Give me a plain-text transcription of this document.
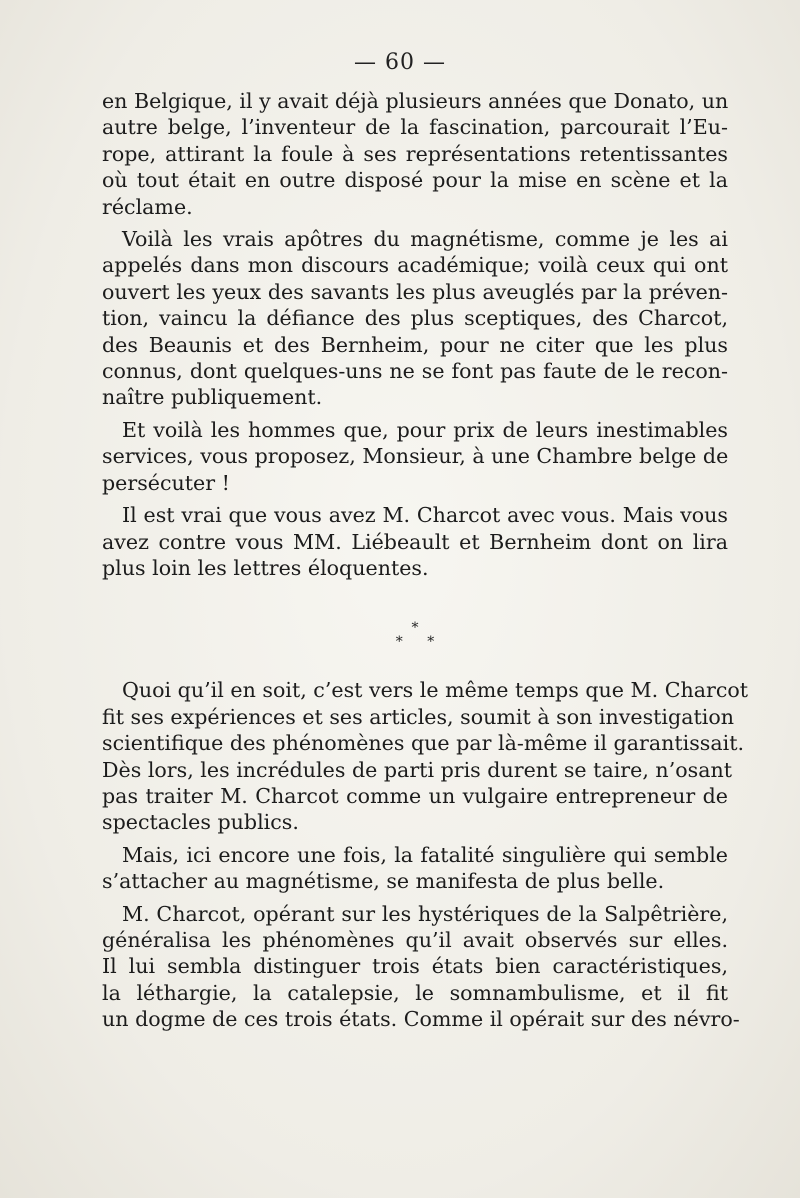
— 60 —
en Belgique, il y avait déjà plusieurs années que Donato, un
autre belge, l’inventeur de la fascination, parcourait l’Eu-
rope, attirant la foule à ses représentations retentissantes
où tout était en outre disposé pour la mise en scène et la
réclame.
Voilà les vrais apôtres du magnétisme, comme je les ai
appelés dans mon discours académique; voilà ceux qui ont
ouvert les yeux des savants les plus aveuglés par la préven-
tion, vaincu la défiance des plus sceptiques, des Charcot,
des Beaunis et des Bernheim, pour ne citer que les plus
connus, dont quelques-uns ne se font pas faute de le recon-
naître publiquement.
Et voilà les hommes que, pour prix de leurs inestimables
services, vous proposez, Monsieur, à une Chambre belge de
persécuter !
Il est vrai que vous avez M. Charcot avec vous. Mais vous
avez contre vous MM. Liébeault et Bernheim dont on lira
plus loin les lettres éloquentes.
*
* *
Quoi qu’il en soit, c’est vers le même temps que M. Charcot
fit ses expériences et ses articles, soumit à son investigation
scientifique des phénomènes que par là-même il garantissait.
Dès lors, les incrédules de parti pris durent se taire, n’osant
pas traiter M. Charcot comme un vulgaire entrepreneur de
spectacles publics.
Mais, ici encore une fois, la fatalité singulière qui semble
s’attacher au magnétisme, se manifesta de plus belle.
M. Charcot, opérant sur les hystériques de la Salpêtrière,
généralisa les phénomènes qu’il avait observés sur elles.
Il lui sembla distinguer trois états bien caractéristiques,
la léthargie, la catalepsie, le somnambulisme, et il fit
un dogme de ces trois états. Comme il opérait sur des névro-
